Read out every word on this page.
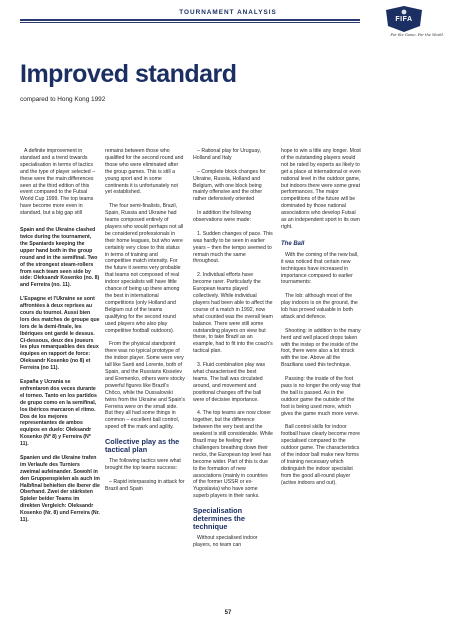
TOURNAMENT ANALYSIS
FIFA
For the Game. For the World.
Improved standard
compared to Hong Kong 1992

A definite improvement in standard and a trend towards specialisation in terms of tactics and the type of player selected – these were the main differences seen at the third edition of this event compared to the Futsal World Cup 1999. The top teams have become more even in standard, but a big gap still

Spain and the Ukraine clashed twice during the tournament, the Spaniards keeping the upper hand both in the group round and in the semifinal. Two of the strongest steam-rollers from each team seen side by side: Oleksandr Kosenko (no. 8) and Ferreira (no. 11).

L'Espagne et l'Ukraine se sont affrontées à deux reprises au cours du tournoi. Aussi bien lors des matches de groupe que lors de la demi-finale, les Ibériques ont gardé le dessus. Ci-dessous, deux des joueurs les plus remarquables des deux équipes en rapport de force: Oleksandr Kosenko (no 8) et Ferreira (no 11).

España y Ucrania se enfrentaron dos veces durante el torneo. Tanto en los partidos de grupo como en la semifinal, los ibéricos marcaron el ritmo. Dos de los mejores representantes de ambos equipos en duelo: Oleksandr Kosenko (Nº 8) y Ferreira (Nº 11).

Spanien und die Ukraine trafen im Verlaufe des Turniers zweimal aufeinander. Sowohl in den Gruppenspielen als auch im Halbfinal behielten die Iberer die Oberhand. Zwei der stärksten Spieler beider Teams im direkten Vergleich: Oleksandr Kosenko (Nr. 8) und Ferreira (Nr. 11).

remains between those who qualified for the second round and those who were eliminated after the group games. This is still a young sport and in some continents it is unfortunately not yet established.

The four semi-finalists, Brazil, Spain, Russia and Ukraine had teams composed entirely of players who would perhaps not all be considered professionals in their home leagues, but who were certainly very close to this status in terms of training and competitive match intensity. For the future it seems very probable that teams not composed of real indoor specialists will have little chance of being up there among the best in international competitions (only Holland and Belgium out of the teams qualifying for the second round used players who also play competitive football outdoors).

From the physical standpoint there was no typical prototype of the indoor player. Some were very tall like Santi and Lorente, both of Spain, and the Russians Kisselev and Eremenko, others were stocky powerful figures like Brazil's Chôco, while the Oussalovski twins from the Ukraine and Spain's Ferreira were on the small side. But they all had some things in common – excellent ball control, speed off the mark and agility.

Collective play as the tactical plan

The following tactics were what brought the top teams success:

– Rapid interpassing in attack for Brazil and Spain

– Rational play for Uruguay, Holland and Italy

– Complete block changes for Ukraine, Russia, Holland and Belgium, with one block being mainly offensive and the other rather defensively oriented

In addition the following observations were made:

1. Sudden changes of pace. This was hardly to be seen in earlier years – then the tempo seemed to remain much the same throughout.

2. Individual efforts have become rarer. Particularly the European teams played collectively. While individual players had been able to affect the course of a match in 1992, now what counted was the overall team balance. There were still some outstanding players on view but these, to take Brazil as an example, had to fit into the coach's tactical plan.

3. Fluid combination play was what characterised the best teams. The ball was circulated around, and movement and positional changes off the ball were of decisive importance.

4. The top teams are now closer together, but the difference between the very best and the weakest is still considerable. While Brazil may be feeling their challengers breathing down their necks, the European top level has become wider. Part of this is due to the formation of new associations (mainly in countries of the former USSR or ex-Yugoslavia) who have some superb players in their ranks.

Specialisation determines the technique

Without specialised indoor players, no team can

hope to win a title any longer. Most of the outstanding players would not be rated by experts as likely to get a place at international or even national level in the outdoor game, but indoors there were some great performances. The major competitions of the future will be dominated by those national associations who develop Futsal as an independent sport in its own right.

The Ball

With the coming of the new ball, it was noticed that certain new techniques have increased in importance compared to earlier tournaments:

The lob: although most of the play indoors is on the ground, the lob has proved valuable in both attack and defence.

Shooting: in addition to the many herd and well placed drops taken with the instep or the inside of the foot, there were also a lot struck with the toe. Above all the Brazilians used this technique.

Passing: the inside of the foot pass is no longer the only way that the ball is passed. As in the outdoor game the outside of the foot is being used more, which gives the game much more verve.

Ball control skills for indoor football have clearly become more specialised compared to the outdoor game. The characteristics of the indoor ball make new forms of training necessary which distinguish the indoor specialist from the good all-round player (active indoors and out).

57
